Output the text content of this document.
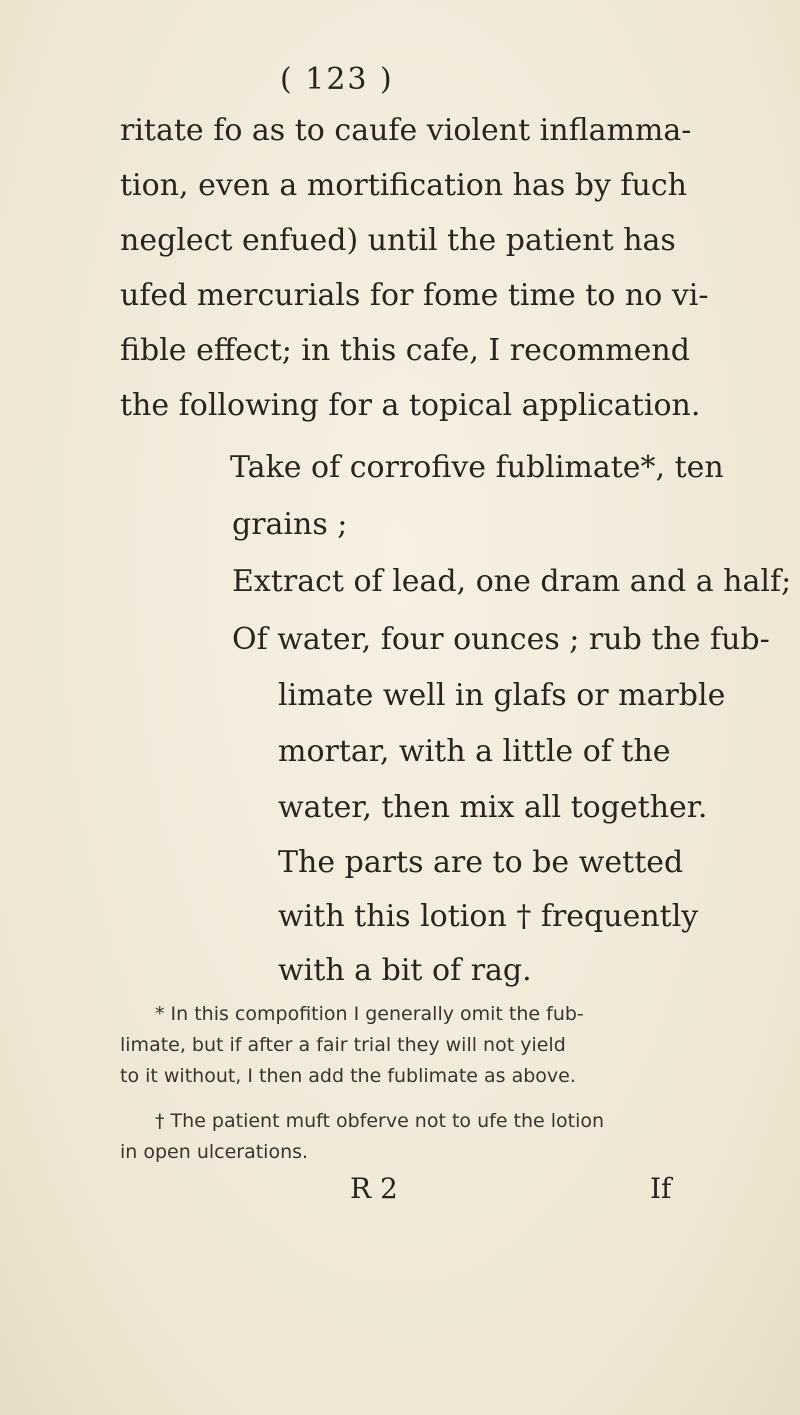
( 123 )
ritate fo as to caufe violent inflamma-
tion, even a mortification has by fuch
neglect enfued) until the patient has
ufed mercurials for fome time to no vi-
fible effect; in this cafe, I recommend
the following for a topical application.
Take of corrofive fublimate*, ten
grains ;
Extract of lead, one dram and a half;
Of water, four ounces ; rub the fub-
limate well in glafs or marble
mortar, with a little of the
water, then mix all together.
The parts are to be wetted
with this lotion † frequently
with a bit of rag.
* In this compofition I generally omit the fub-
limate, but if after a fair trial they will not yield
to it without, I then add the fublimate as above.
† The patient muft obferve not to ufe the lotion
in open ulcerations.
R 2	If
